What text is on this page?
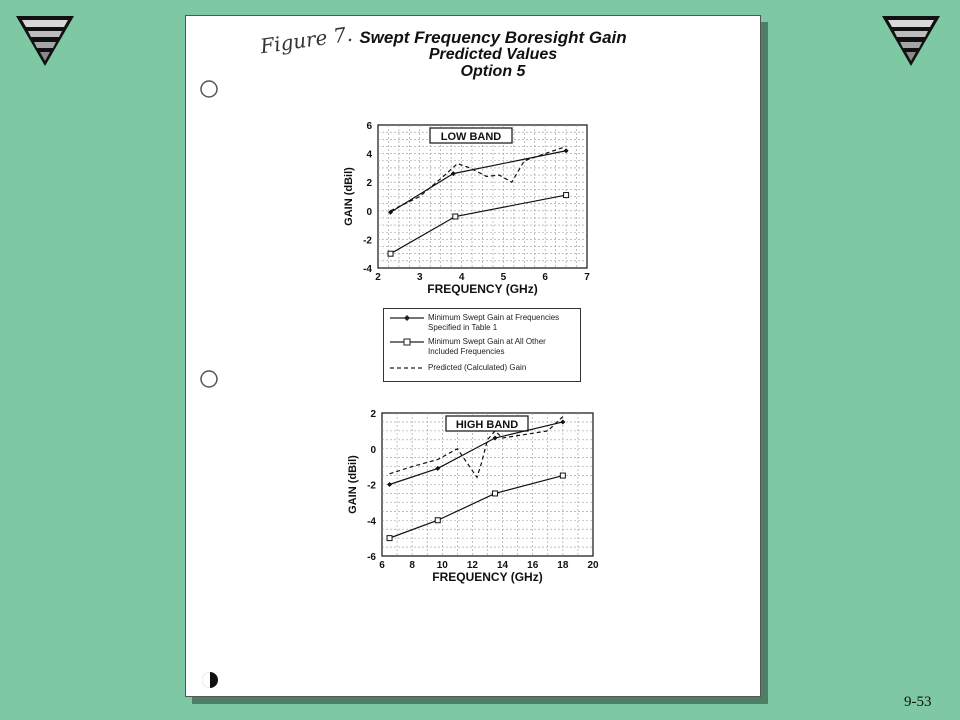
Figure 7. Swept Frequency Boresight Gain
Predicted Values
Option 5
2	3	4	5	6	7
-4
-2
0
2
4
6
FREQUENCY (GHz)
GAIN (dBil)
LOW BAND
6 8 10 12 14 16 18 20
-6
-4
-2
0
2
FREQUENCY (GHz)
GAIN (dBil)
HIGH BAND
Minimum Swept Gain at Frequencies Specified in Table 1
Minimum Swept Gain at All Other Included Frequencies
Predicted (Calculated) Gain
9-53
